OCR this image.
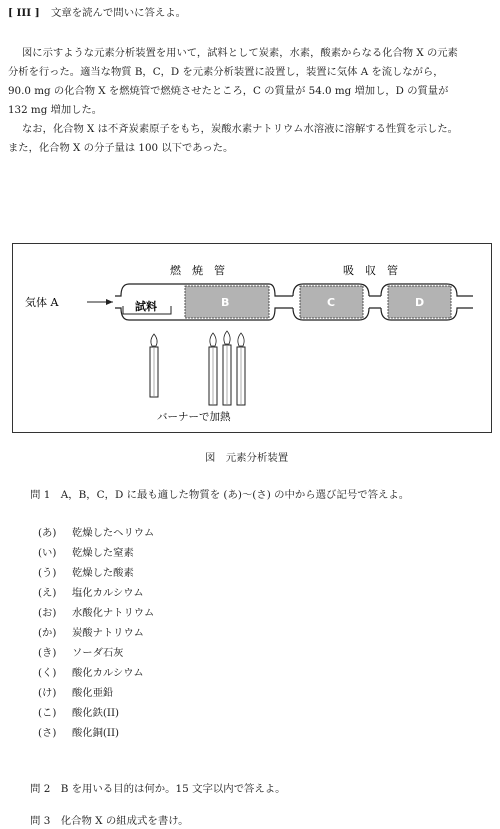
[ III ] 文章を読んで問いに答えよ。

図に示すような元素分析装置を用いて，試料として炭素，水素，酸素からなる化合物 X の元素

分析を行った。適当な物質 B，C，D を元素分析装置に設置し，装置に気体 A を流しながら，

90.0 mg の化合物 X を燃焼管で燃焼させたところ，C の質量が 54.0 mg 増加し，D の質量が

132 mg 増加した。

なお，化合物 X は不斉炭素原子をもち，炭酸水素ナトリウム水溶液に溶解する性質を示した。

また，化合物 X の分子量は 100 以下であった。

燃　焼　管	吸　収　管
気体 A	試料	B	C	D
バーナーで加熱
図　元素分析装置
問 1　A，B，C，D に最も適した物質を (あ)〜(さ) の中から選び記号で答えよ。
(あ) 乾燥したヘリウム
(い) 乾燥した窒素
(う) 乾燥した酸素
(え) 塩化カルシウム
(お) 水酸化ナトリウム
(か) 炭酸ナトリウム
(き) ソーダ石灰
(く) 酸化カルシウム
(け) 酸化亜鉛
(こ) 酸化鉄(II)
(さ) 酸化銅(II)
問 2　B を用いる目的は何か。15 文字以内で答えよ。
問 3　化合物 X の組成式を書け。
